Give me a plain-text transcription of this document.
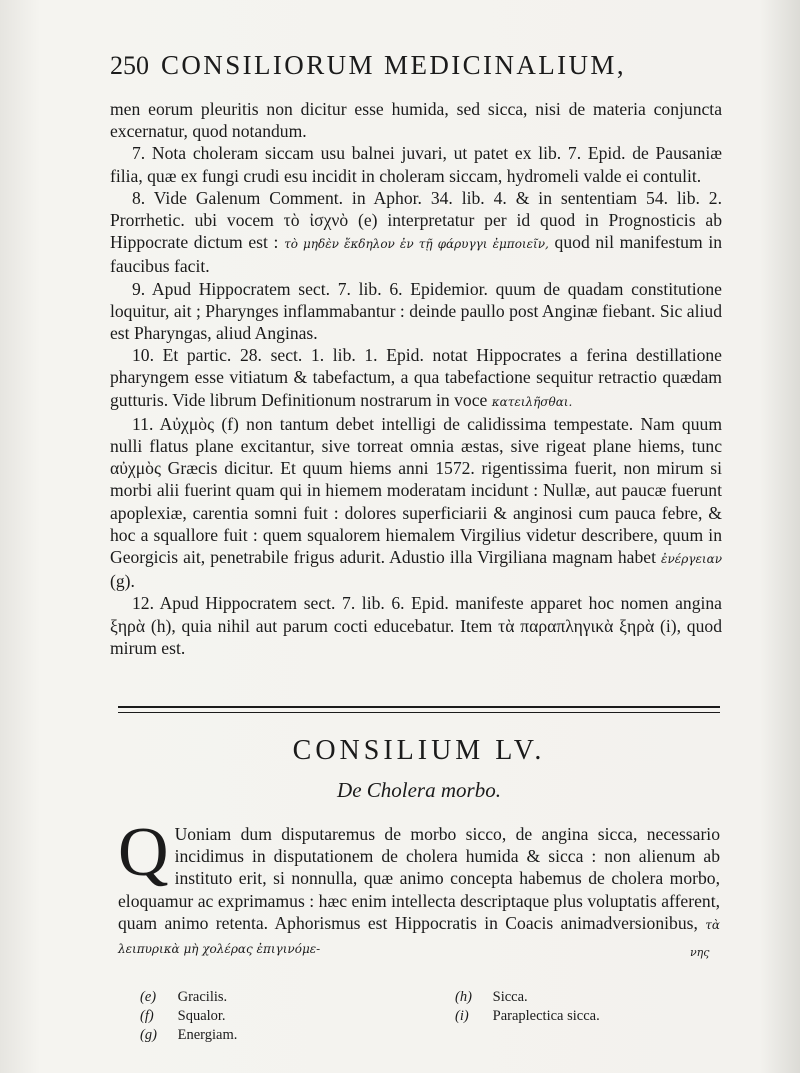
250 CONSILIORUM MEDICINALIUM,

men eorum pleuritis non dicitur esse humida, sed sicca, nisi de materia conjuncta excernatur, quod notandum.

7. Nota choleram siccam usu balnei juvari, ut patet ex lib. 7. Epid. de Pausaniæ filia, quæ ex fungi crudi esu incidit in choleram siccam, hydromeli valde ei contulit.

8. Vide Galenum Comment. in Aphor. 34. lib. 4. & in sententiam 54. lib. 2. Prorrhetic. ubi vocem τὸ ἰσχνὸ (e) interpretatur per id quod in Prognosticis ab Hippocrate dictum est : τὸ μηδὲν ἔκδηλον ἐν τῇ φάρυγγι ἐμποιεῖν, quod nil manifestum in faucibus facit.

9. Apud Hippocratem sect. 7. lib. 6. Epidemior. quum de quadam constitutione loquitur, ait ; Pharynges inflammabantur : deinde paullo post Anginæ fiebant. Sic aliud est Pharyngas, aliud Anginas.

10. Et partic. 28. sect. 1. lib. 1. Epid. notat Hippocrates a ferina destillatione pharyngem esse vitiatum & tabefactum, a qua tabefactione sequitur retractio quædam gutturis. Vide librum Definitionum nostrarum in voce κατειλῆσθαι.

11. Αὐχμὸς (f) non tantum debet intelligi de calidissima tempestate. Nam quum nulli flatus plane excitantur, sive torreat omnia æstas, sive rigeat plane hiems, tunc αὐχμὸς Græcis dicitur. Et quum hiems anni 1572. rigentissima fuerit, non mirum si morbi alii fuerint quam qui in hiemem moderatam incidunt : Nullæ, aut paucæ fuerunt apoplexiæ, carentia somni fuit : dolores superficiarii & anginosi cum pauca febre, & hoc a squallore fuit : quem squalorem hiemalem Virgilius videtur describere, quum in Georgicis ait, penetrabile frigus adurit. Adustio illa Virgiliana magnam habet ἐνέργειαν (g).

12. Apud Hippocratem sect. 7. lib. 6. Epid. manifeste apparet hoc nomen angina ξηρὰ (h), quia nihil aut parum cocti educebatur. Item τὰ παραπληγικὰ ξηρὰ (i), quod mirum est.

CONSILIUM LV.
De Cholera morbo.
Q Uoniam dum disputaremus de morbo sicco, de angina sicca, necessario incidimus in disputationem de cholera humida & sicca : non alienum ab instituto erit, si nonnulla, quæ animo concepta habemus de cholera morbo, eloquamur ac exprimamus : hæc enim intellecta descriptaque plus voluptatis afferent, quam animo retenta. Aphorismus est Hippocratis in Coacis animadversionibus, τὰ λειπυρικὰ μὴ χολέρας ἐπιγινόμε-	νης
(e) Gracilis.
(f) Squalor.
(g) Energiam.
(h) Sicca.
(i) Paraplectica sicca.
